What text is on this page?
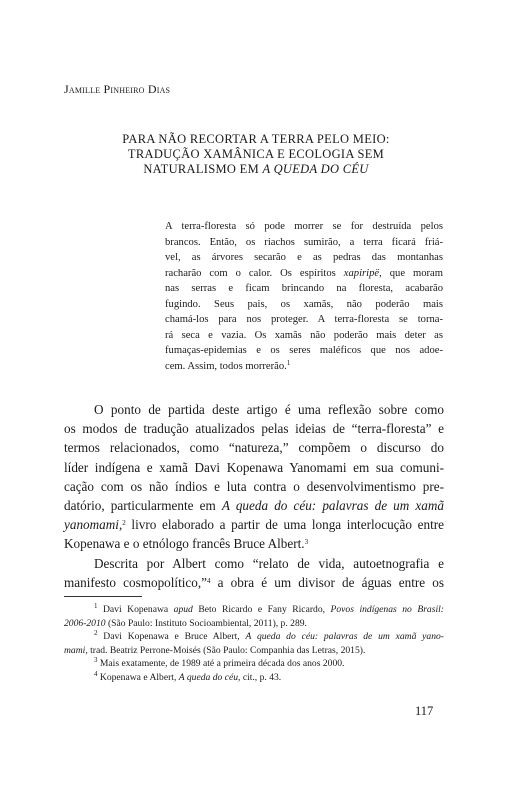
Jamille Pinheiro Dias
PARA NÃO RECORTAR A TERRA PELO MEIO:
TRADUÇÃO XAMÂNICA E ECOLOGIA SEM
NATURALISMO EM A QUEDA DO CÉU
A terra-floresta só pode morrer se for destruída pelos
brancos. Então, os riachos sumirão, a terra ficará friá-
vel, as árvores secarão e as pedras das montanhas
racharão com o calor. Os espíritos xapiripë, que moram
nas serras e ficam brincando na floresta, acabarão
fugindo. Seus pais, os xamãs, não poderão mais
chamá-los para nos proteger. A terra-floresta se torna-
rá seca e vazia. Os xamãs não poderão mais deter as
fumaças-epidemias e os seres maléficos que nos adoe-
cem. Assim, todos morrerão.$^1$
O ponto de partida deste artigo é uma reflexão sobre como
os modos de tradução atualizados pelas ideias de “terra-floresta” e
termos relacionados, como “natureza,” compõem o discurso do
líder indígena e xamã Davi Kopenawa Yanomami em sua comuni-
cação com os não índios e luta contra o desenvolvimentismo pre-
datório, particularmente em A queda do céu: palavras de um xamã
yanomami,$^2$ livro elaborado a partir de uma longa interlocução entre
Kopenawa e o etnólogo francês Bruce Albert.$^3$
Descrita por Albert como “relato de vida, autoetnografia e
manifesto cosmopolítico,”$^4$ a obra é um divisor de águas entre os
$^1$ Davi Kopenawa apud Beto Ricardo e Fany Ricardo, Povos indígenas no Brasil:
2006-2010 (São Paulo: Instituto Socioambiental, 2011), p. 289.
$^2$ Davi Kopenawa e Bruce Albert, A queda do céu: palavras de um xamã yano-
mami, trad. Beatriz Perrone-Moisés (São Paulo: Companhia das Letras, 2015).
$^3$ Mais exatamente, de 1989 até a primeira década dos anos 2000.
$^4$ Kopenawa e Albert, A queda do céu, cit., p. 43.
117
